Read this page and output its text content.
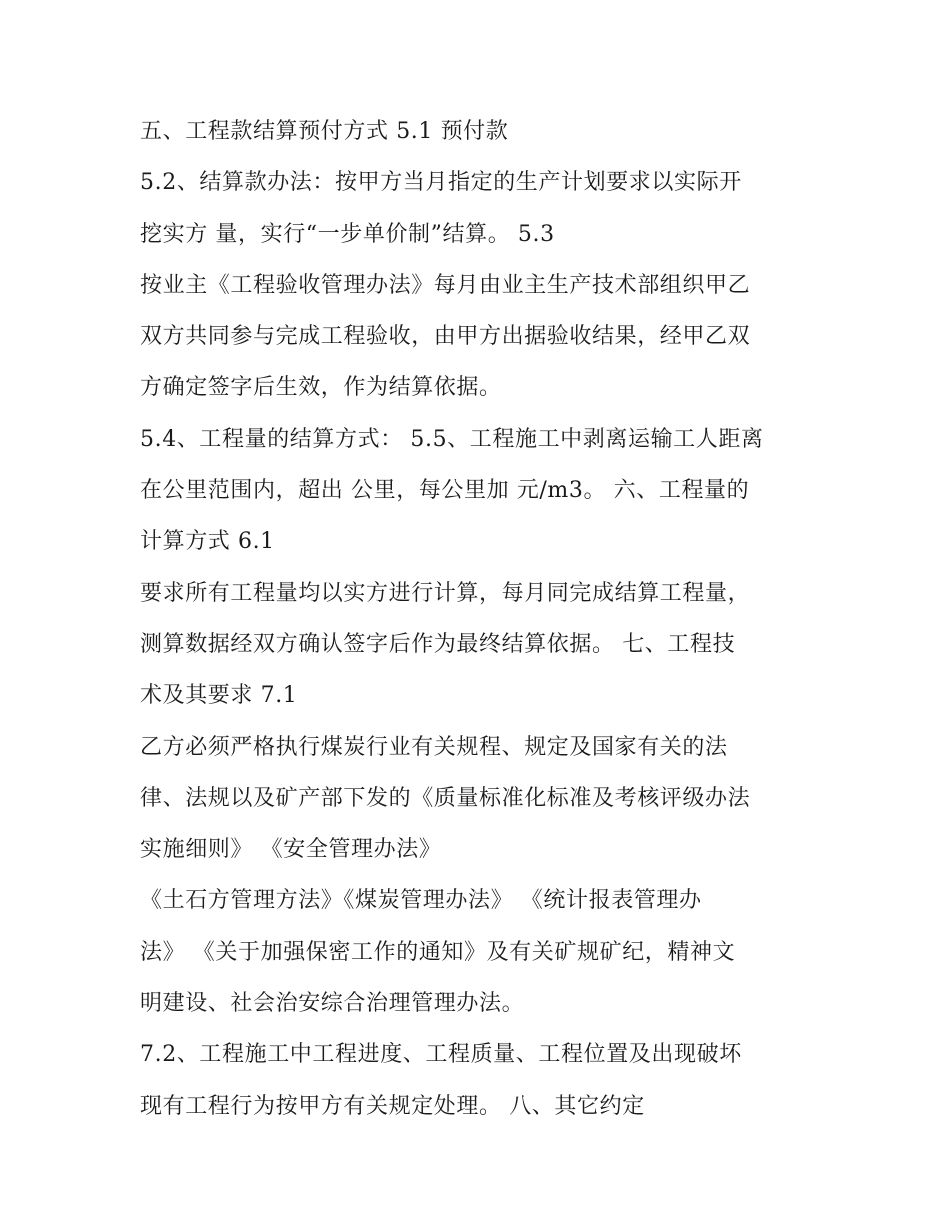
五、工程款结算预付方式 5.1 预付款
5.2、结算款办法：按甲方当月指定的生产计划要求以实际开
挖实方 量，实行“一步单价制”结算。 5.3
按业主《工程验收管理办法》每月由业主生产技术部组织甲乙
双方共同参与完成工程验收，由甲方出据验收结果，经甲乙双
方确定签字后生效，作为结算依据。
5.4、工程量的结算方式： 5.5、工程施工中剥离运输工人距离
在公里范围内，超出 公里，每公里加 元/m3。 六、工程量的
计算方式 6.1
要求所有工程量均以实方进行计算，每月同完成结算工程量，
测算数据经双方确认签字后作为最终结算依据。 七、工程技
术及其要求 7.1
乙方必须严格执行煤炭行业有关规程、规定及国家有关的法
律、法规以及矿产部下发的《质量标准化标准及考核评级办法
实施细则》 《安全管理办法》
《土石方管理方法》《煤炭管理办法》 《统计报表管理办
法》 《关于加强保密工作的通知》及有关矿规矿纪，精神文
明建设、社会治安综合治理管理办法。
7.2、工程施工中工程进度、工程质量、工程位置及出现破坏
现有工程行为按甲方有关规定处理。 八、其它约定
